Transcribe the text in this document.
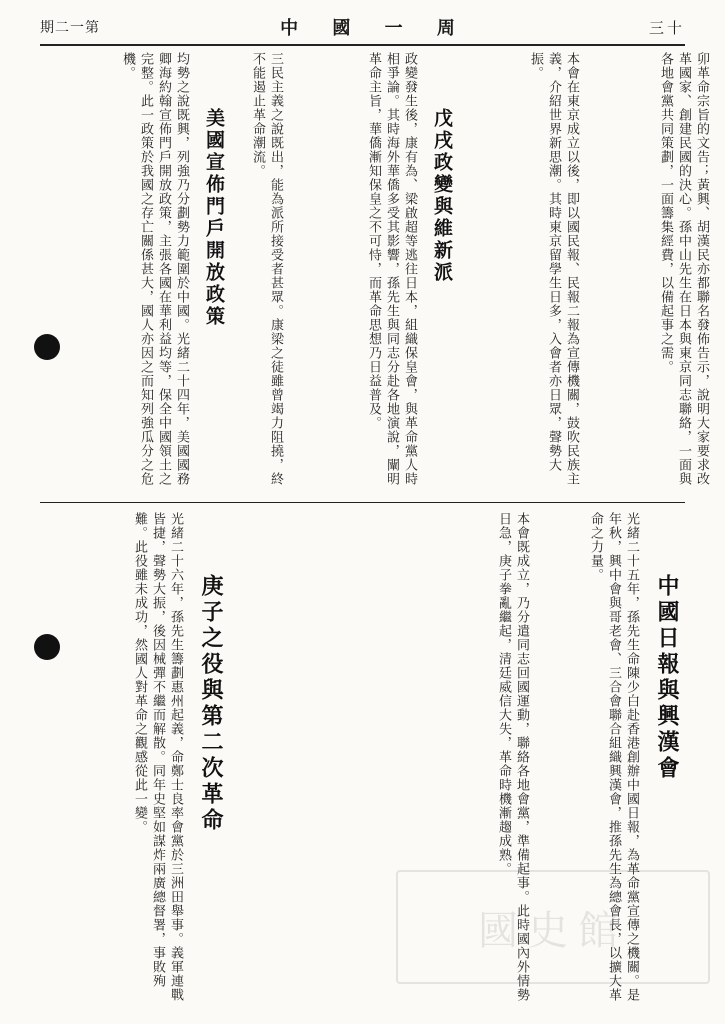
期二一第	中 國 一 周	三十
卯革命宗旨的文告；黃興、胡漢民亦都聯名發佈告示，說明大家要求改革國家、創建民國的決心。孫中山先生在日本與東京同志聯絡，一面與各地會黨共同策劃，一面籌集經費，以備起事之需。
本會在東京成立以後，即以國民報、民報二報為宣傳機關，鼓吹民族主義，介紹世界新思潮。其時東京留學生日多，入會者亦日眾，聲勢大振。
戊戌政變與維新派
政變發生後，康有為、梁啟超等逃往日本，組織保皇會，與革命黨人時相爭論。其時海外華僑多受其影響，孫先生與同志分赴各地演說，闡明革命主旨，華僑漸知保皇之不可恃，而革命思想乃日益普及。
三民主義之說既出，能為派所接受者甚眾。康梁之徒雖曾竭力阻撓，終不能遏止革命潮流。
美國宣佈門戶開放政策
均勢之說既興，列強乃分劃勢力範圍於中國。光緒二十四年，美國國務卿海約翰宣佈門戶開放政策，主張各國在華利益均等，保全中國領土之完整。此一政策於我國之存亡關係甚大，國人亦因之而知列強瓜分之危機。
中國日報與興漢會
光緒二十五年，孫先生命陳少白赴香港創辦中國日報，為革命黨宣傳之機關。是年秋，興中會與哥老會、三合會聯合組織興漢會，推孫先生為總會長，以擴大革命之力量。
本會既成立，乃分遣同志回國運動，聯絡各地會黨，準備起事。此時國內外情勢日急，庚子拳亂繼起，清廷威信大失，革命時機漸趨成熟。
庚子之役與第二次革命
光緒二十六年，孫先生籌劃惠州起義，命鄭士良率會黨於三洲田舉事。義軍連戰皆捷，聲勢大振，後因械彈不繼而解散。同年史堅如謀炸兩廣總督署，事敗殉難。此役雖未成功，然國人對革命之觀感從此一變。
國史館
